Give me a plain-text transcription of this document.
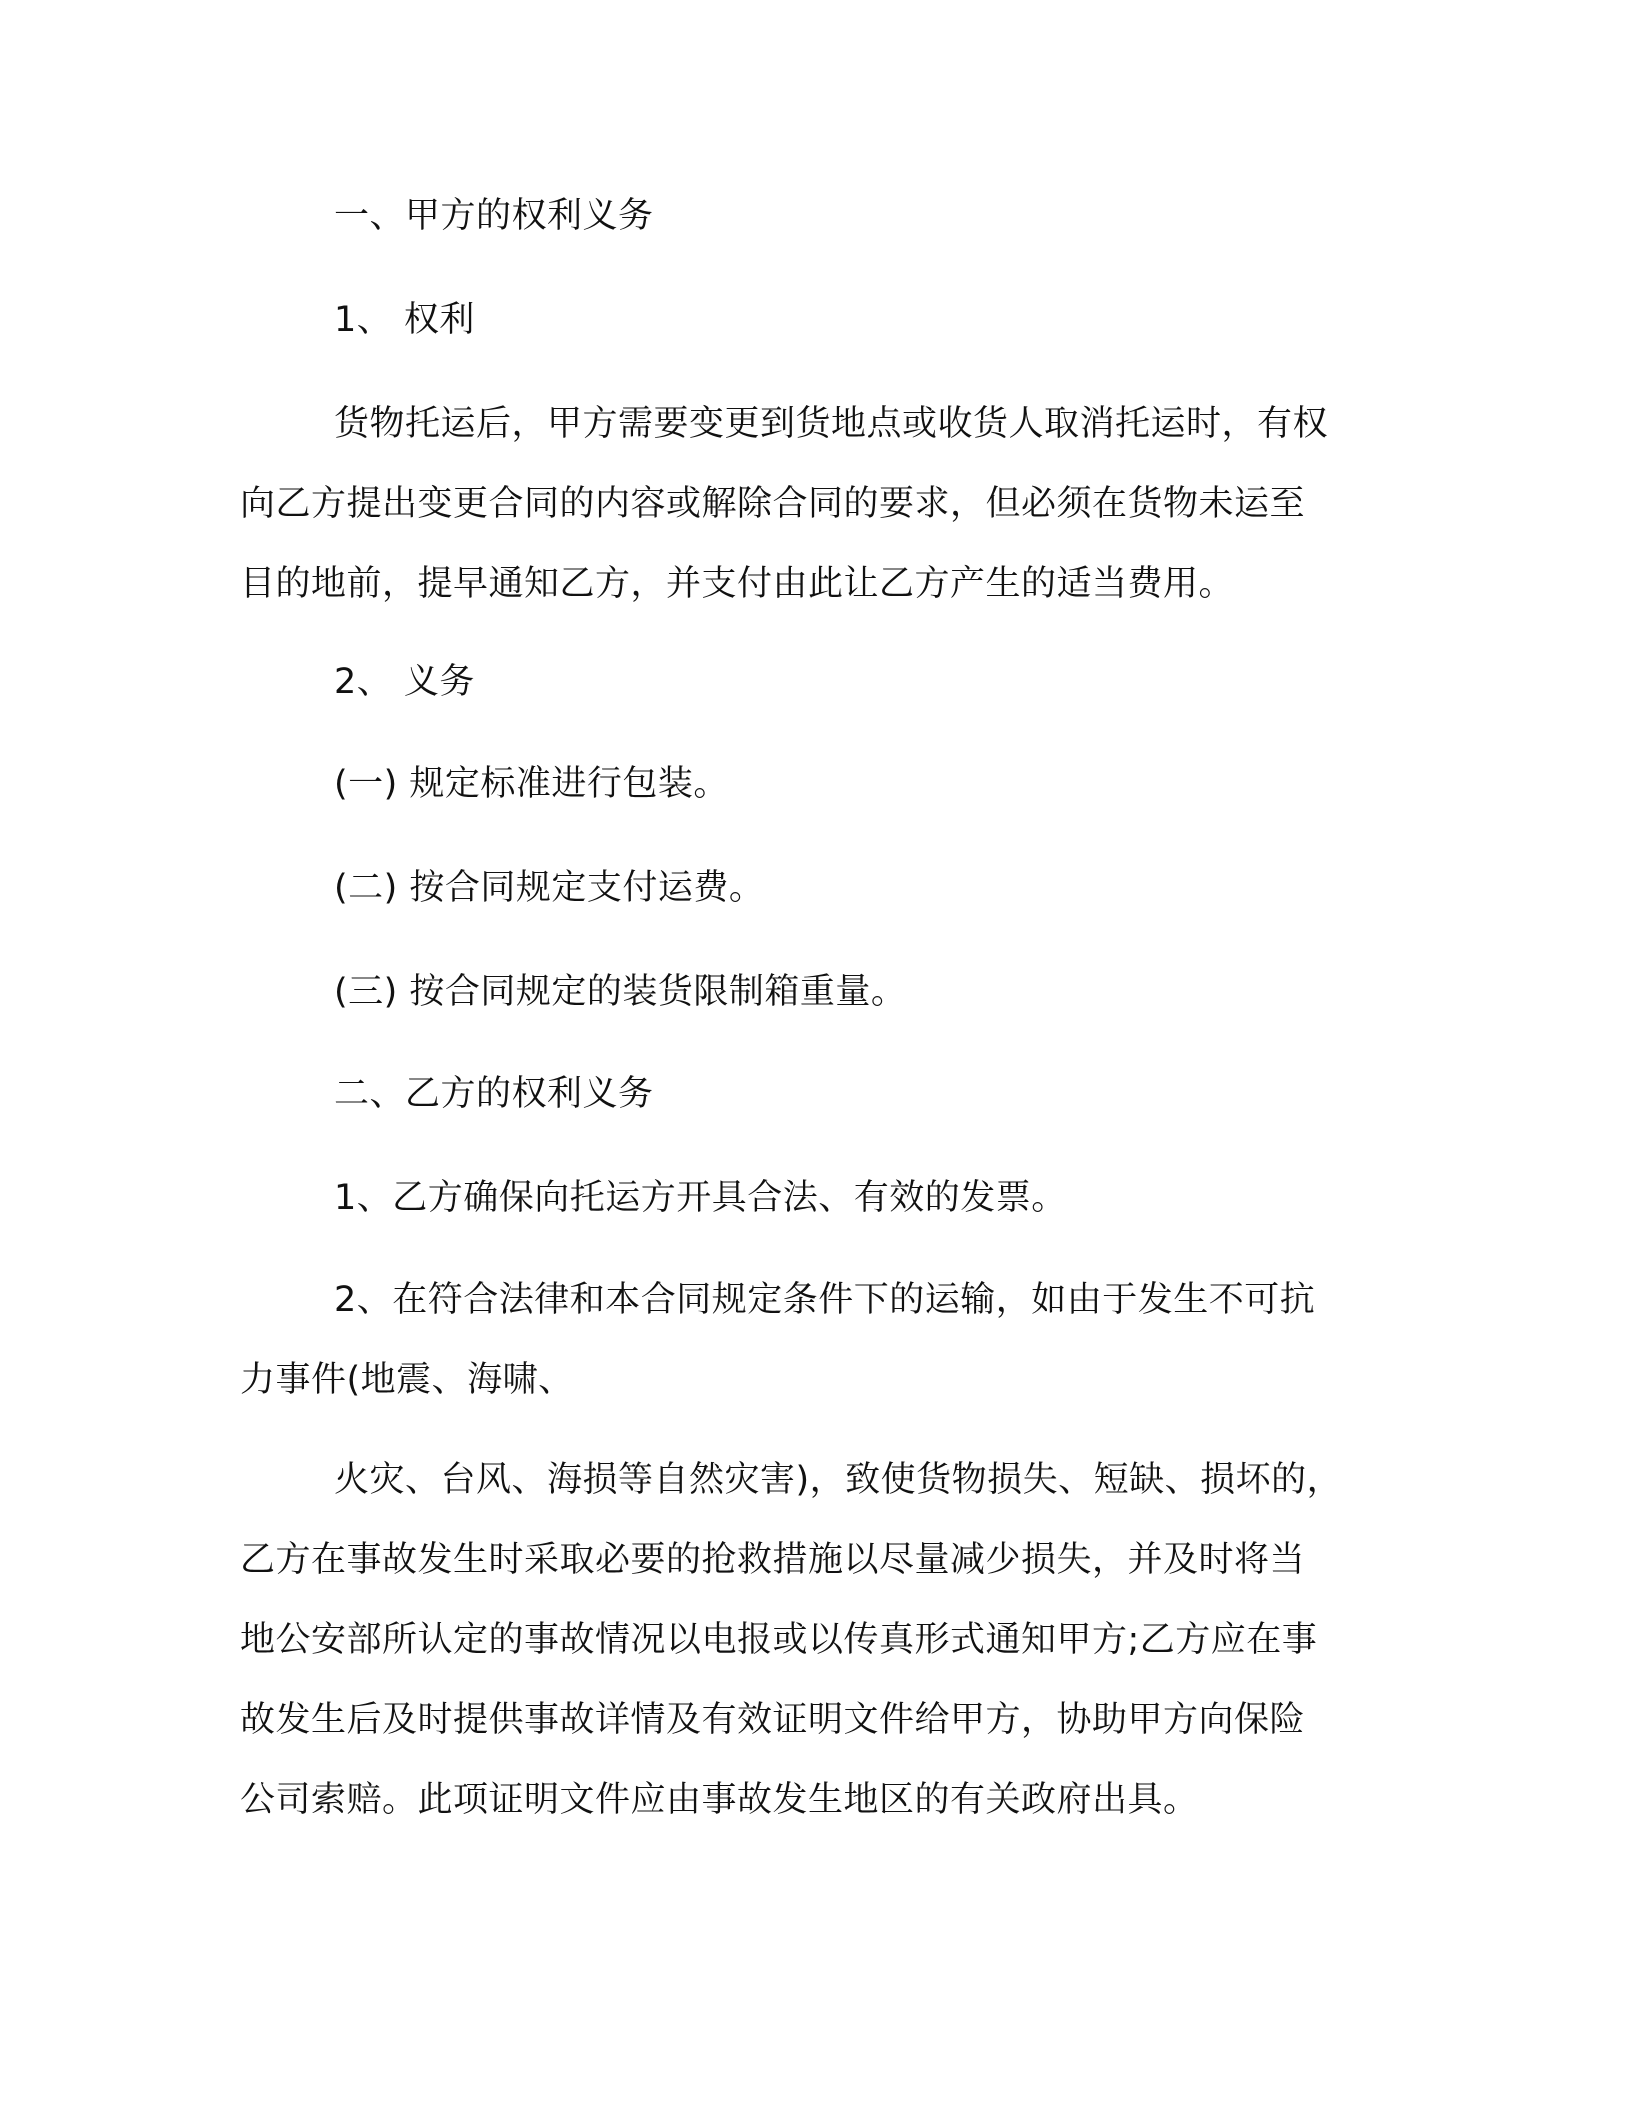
一、甲方的权利义务
1、 权利
货物托运后，甲方需要变更到货地点或收货人取消托运时，有权
向乙方提出变更合同的内容或解除合同的要求，但必须在货物未运至
目的地前，提早通知乙方，并支付由此让乙方产生的适当费用。
2、 义务
(一) 规定标准进行包装。
(二) 按合同规定支付运费。
(三) 按合同规定的装货限制箱重量。
二、乙方的权利义务
1、乙方确保向托运方开具合法、有效的发票。
2、在符合法律和本合同规定条件下的运输，如由于发生不可抗
力事件(地震、海啸、
火灾、台风、海损等自然灾害)，致使货物损失、短缺、损坏的，
乙方在事故发生时采取必要的抢救措施以尽量减少损失，并及时将当
地公安部所认定的事故情况以电报或以传真形式通知甲方;乙方应在事
故发生后及时提供事故详情及有效证明文件给甲方，协助甲方向保险
公司索赔。此项证明文件应由事故发生地区的有关政府出具。
